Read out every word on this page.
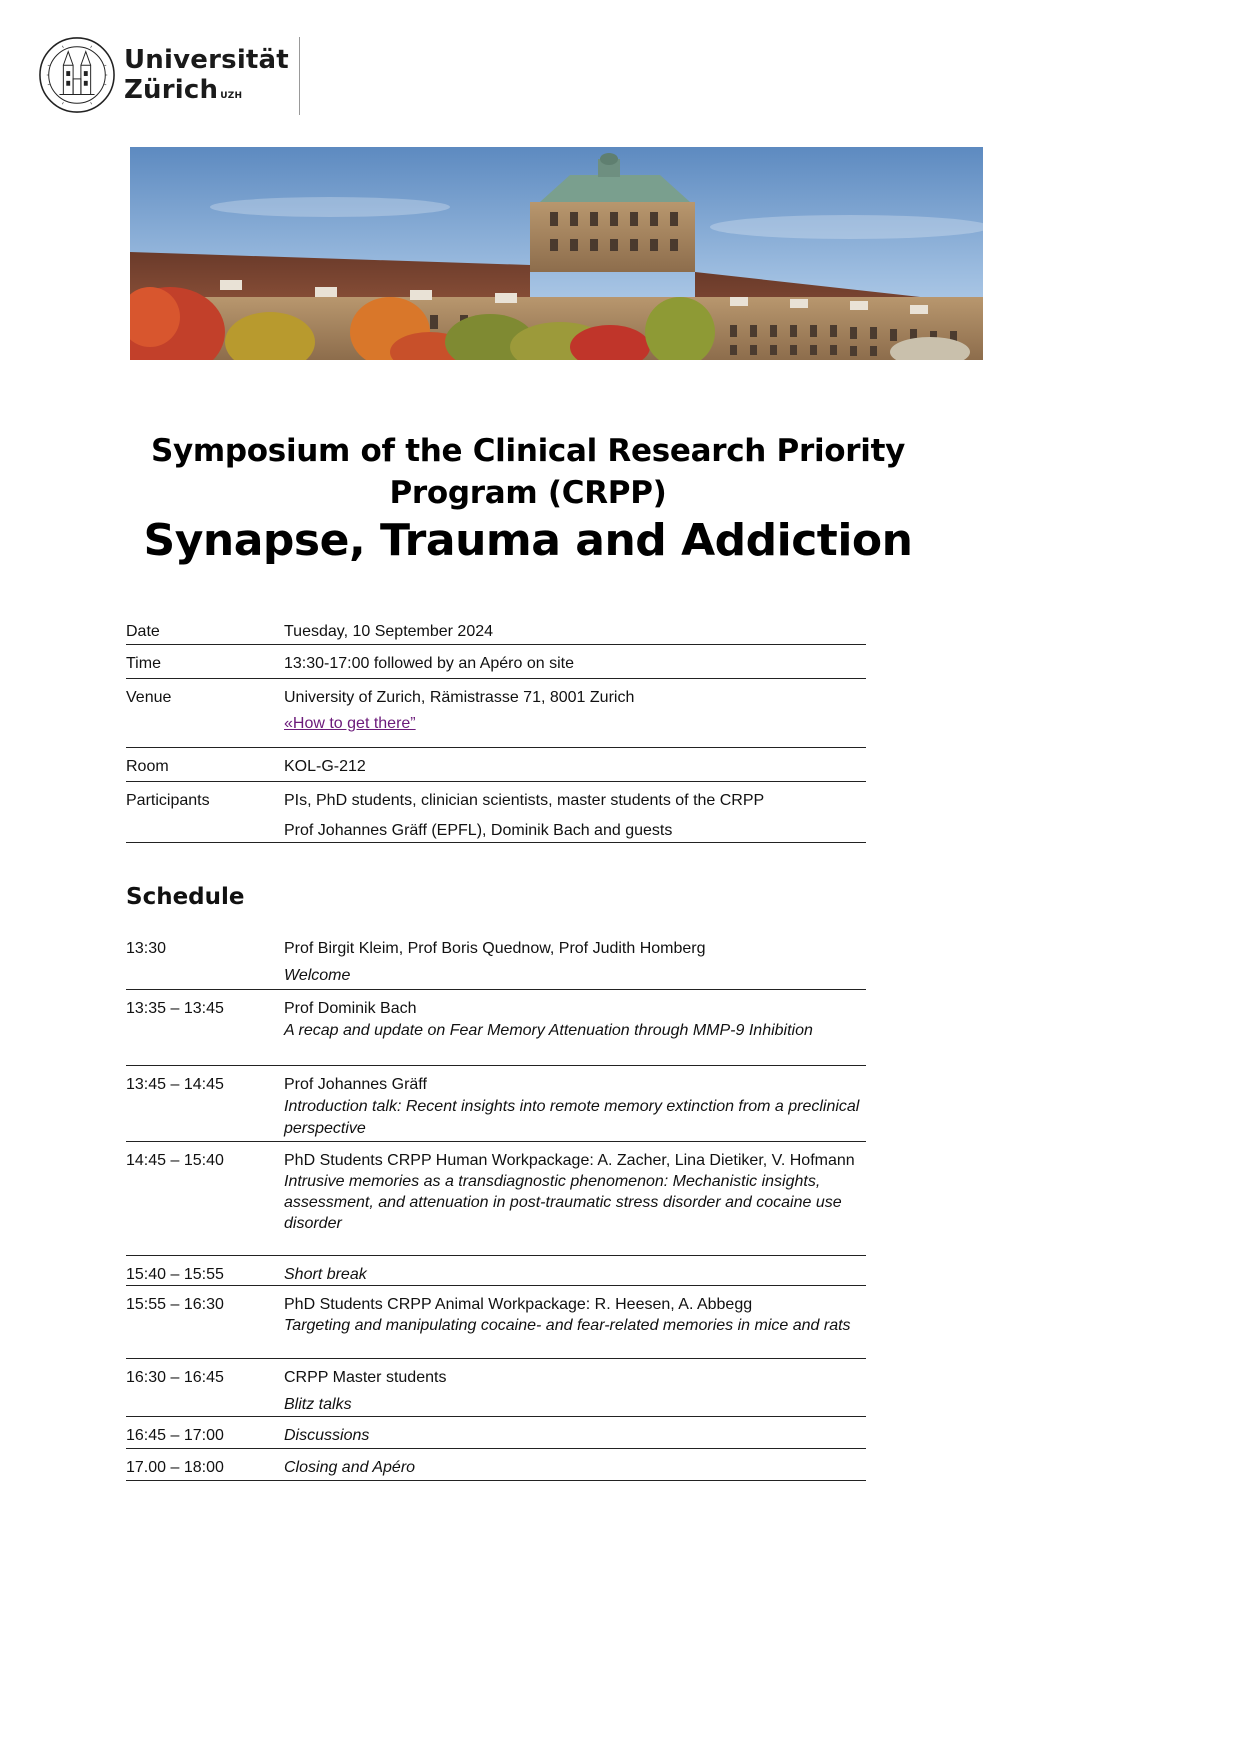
Universität
Zürich $^{UZH}$
Symposium of the Clinical Research Priority
Program (CRPP)
Synapse, Trauma and Addiction
Date	Tuesday, 10 September 2024
Time	13:30-17:00 followed by an Apéro on site
Venue	University of Zurich, Rämistrasse 71, 8001 Zurich
«How to get there”
Room	KOL-G-212
Participants	PIs, PhD students, clinician scientists, master students of the CRPP
Prof Johannes Gräff (EPFL), Dominik Bach and guests
Schedule
13:30	Prof Birgit Kleim, Prof Boris Quednow, Prof Judith Homberg
Welcome
13:35 – 13:45	Prof Dominik Bach
A recap and update on Fear Memory Attenuation through MMP-9 Inhibition
13:45 – 14:45	Prof Johannes Gräff
Introduction talk: Recent insights into remote memory extinction from a preclinical perspective
14:45 – 15:40	PhD Students CRPP Human Workpackage: A. Zacher, Lina Dietiker, V. Hofmann
Intrusive memories as a transdiagnostic phenomenon: Mechanistic insights, assessment, and attenuation in post-traumatic stress disorder and cocaine use disorder
15:40 – 15:55	Short break
15:55 – 16:30	PhD Students CRPP Animal Workpackage: R. Heesen, A. Abbegg
Targeting and manipulating cocaine- and fear-related memories in mice and rats
16:30 – 16:45	CRPP Master students
Blitz talks
16:45 – 17:00	Discussions
17.00 – 18:00	Closing and Apéro
